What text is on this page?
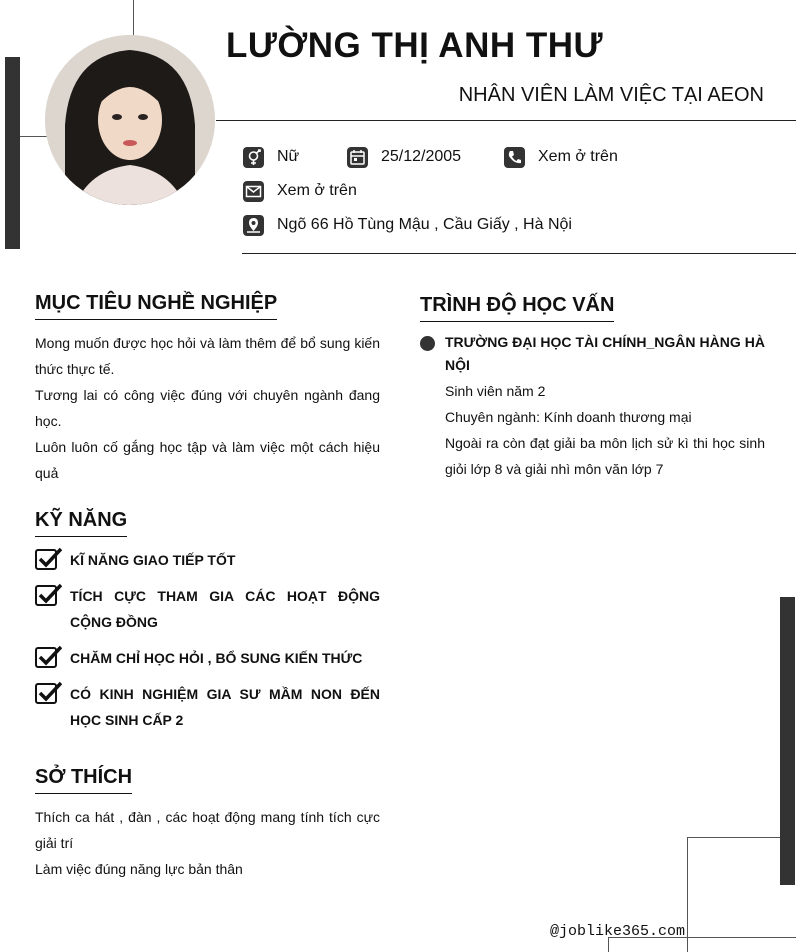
LƯỜNG THỊ ANH THƯ
NHÂN VIÊN LÀM VIỆC TẠI AEON
Nữ	25/12/2005	Xem ở trên
Xem ở trên
Ngõ 66 Hồ Tùng Mậu , Cầu Giấy , Hà Nội
MỤC TIÊU NGHỀ NGHIỆP

Mong muốn được học hỏi và làm thêm để bổ sung kiến thức thực tế.

Tương lai có công việc đúng với chuyên ngành đang học.

Luôn luôn cố gắng học tập và làm việc một cách hiệu quả

KỸ NĂNG
KĨ NĂNG GIAO TIẾP TỐT
TÍCH CỰC THAM GIA CÁC HOẠT ĐỘNG CỘNG ĐỒNG
CHĂM CHỈ HỌC HỎI , BỔ SUNG KIẾN THỨC
CÓ KINH NGHIỆM GIA SƯ MẦM NON ĐẾN HỌC SINH CẤP 2
SỞ THÍCH

Thích ca hát , đàn , các hoạt động mang tính tích cực giải trí

Làm việc đúng năng lực bản thân

TRÌNH ĐỘ HỌC VẤN

TRƯỜNG ĐẠI HỌC TÀI CHÍNH_NGÂN HÀNG HÀ NỘI

Sinh viên năm 2

Chuyên ngành: Kính doanh thương mại

Ngoài ra còn đạt giải ba môn lịch sử kì thi học sinh giỏi lớp 8 và giải nhì môn văn lớp 7

@joblike365.com
